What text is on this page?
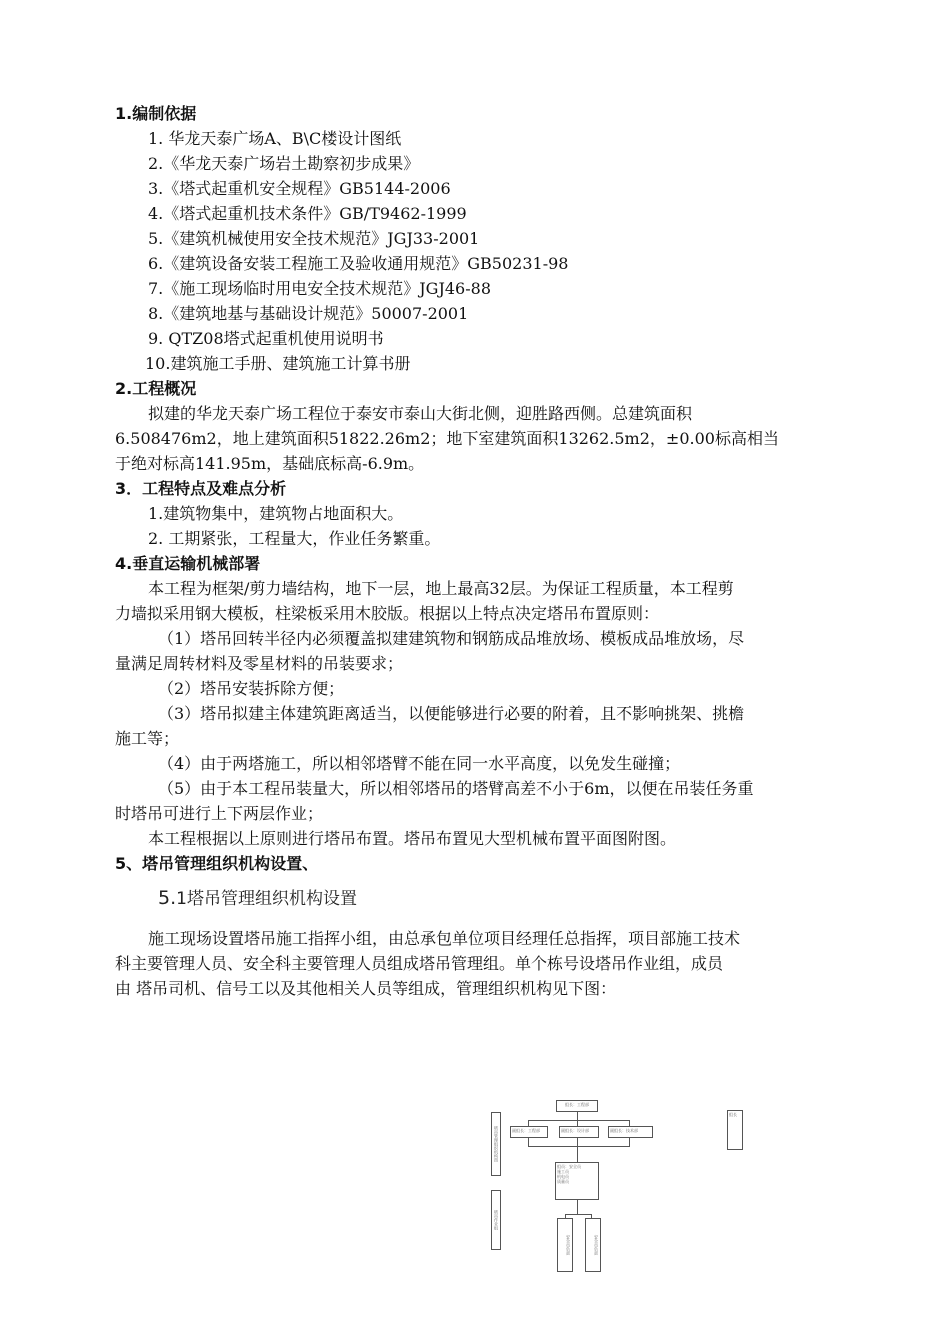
1.编制依据
1. 华龙天泰广场A、B\C楼设计图纸
2.《华龙天泰广场岩土勘察初步成果》
3.《塔式起重机安全规程》GB5144-2006
4.《塔式起重机技术条件》GB/T9462-1999
5.《建筑机械使用安全技术规范》JGJ33-2001
6.《建筑设备安装工程施工及验收通用规范》GB50231-98
7.《施工现场临时用电安全技术规范》JGJ46-88
8.《建筑地基与基础设计规范》50007-2001
9. QTZ08塔式起重机使用说明书
10.建筑施工手册、建筑施工计算书册
2.工程概况
拟建的华龙天泰广场工程位于泰安市泰山大街北侧，迎胜路西侧。总建筑面积
6.508476m2，地上建筑面积51822.26m2；地下室建筑面积13262.5m2，±0.00标高相当
于绝对标高141.95m，基础底标高-6.9m。
3．工程特点及难点分析
1.建筑物集中，建筑物占地面积大。
2. 工期紧张，工程量大，作业任务繁重。
4.垂直运输机械部署
本工程为框架/剪力墙结构，地下一层，地上最高32层。为保证工程质量，本工程剪
力墙拟采用钢大模板，柱梁板采用木胶版。根据以上特点决定塔吊布置原则：
（1）塔吊回转半径内必须覆盖拟建建筑物和钢筋成品堆放场、模板成品堆放场，尽
量满足周转材料及零星材料的吊装要求；
（2）塔吊安装拆除方便；
（3）塔吊拟建主体建筑距离适当，以便能够进行必要的附着，且不影响挑架、挑檐
施工等；
（4）由于两塔施工，所以相邻塔臂不能在同一水平高度，以免发生碰撞；
（5）由于本工程吊装量大，所以相邻塔吊的塔臂高差不小于6m，以便在吊装任务重
时塔吊可进行上下两层作业；
本工程根据以上原则进行塔吊布置。塔吊布置见大型机械布置平面图附图。
5、塔吊管理组织机构设置、
5.1塔吊管理组织机构设置
施工现场设置塔吊施工指挥小组，由总承包单位项目经理任总指挥，项目部施工技术
科主要管理人员、安全科主要管理人员组成塔吊管理组。单个栋号设塔吊作业组，成员
由 塔吊司机、信号工以及其他相关人员等组成，管理组织机构见下图：
塔吊管理组织机构图
塔吊作业组
组长：工程部
副组长：工程部	副组长：设计部	副组长：技术部
组员：安全员
施工员
机电员
质量员
安全员负责	安全员负责
组长
